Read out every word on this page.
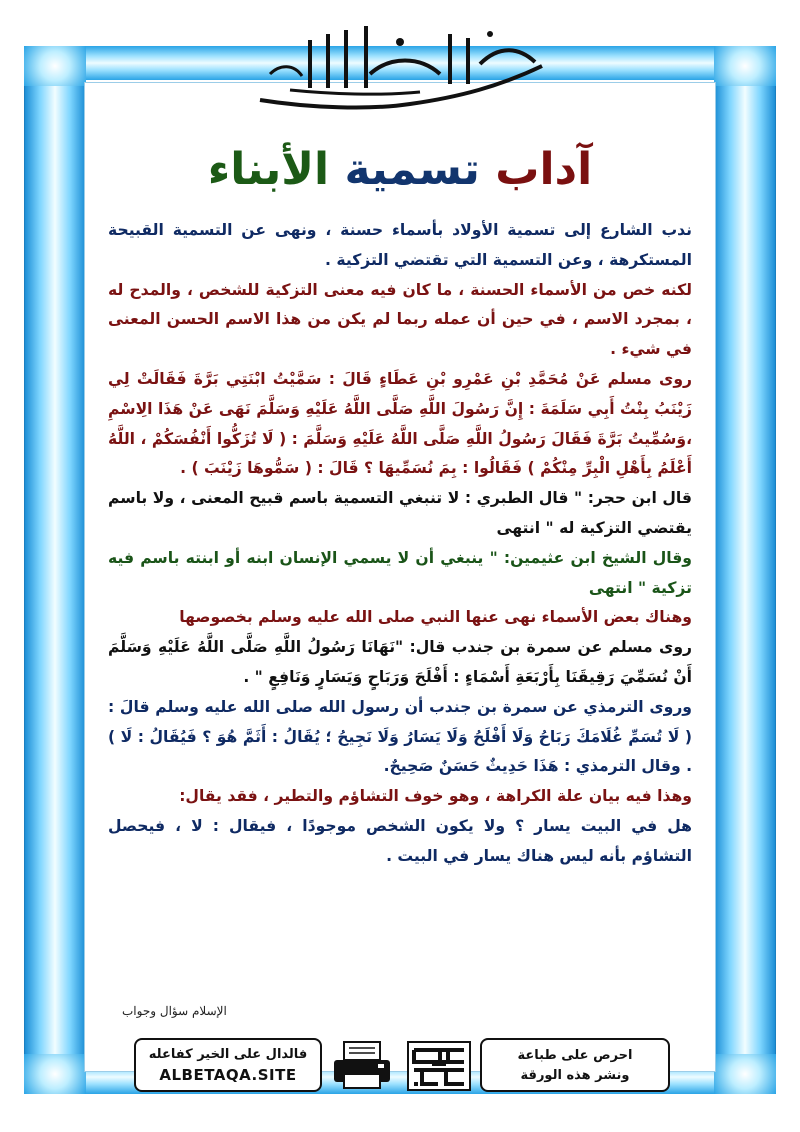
آداب تسمية الأبناء

ندب الشارع إلى تسمية الأولاد بأسماء حسنة ، ونهى عن التسمية القبيحة المستكرهة ، وعن التسمية التي تقتضي التزكية .

لكنه خص من الأسماء الحسنة ، ما كان فيه معنى التزكية للشخص ، والمدح له ، بمجرد الاسم ، في حين أن عمله ربما لم يكن من هذا الاسم الحسن المعنى في شيء .

روى مسلم عَنْ مُحَمَّدِ بْنِ عَمْرِو بْنِ عَطَاءٍ قَالَ : سَمَّيْتُ ابْنَتِي بَرَّةَ فَقَالَتْ لِي زَيْنَبُ بِنْتُ أَبِي سَلَمَةَ : إِنَّ رَسُولَ اللَّهِ صَلَّى اللَّهُ عَلَيْهِ وَسَلَّمَ نَهَى عَنْ هَذَا الِاسْمِ ،وَسُمِّيتُ بَرَّةَ فَقَالَ رَسُولُ اللَّهِ صَلَّى اللَّهُ عَلَيْهِ وَسَلَّمَ : ( لَا تُزَكُّوا أَنْفُسَكُمْ ، اللَّهُ أَعْلَمُ بِأَهْلِ الْبِرِّ مِنْكُمْ ) فَقَالُوا : بِمَ نُسَمِّيهَا ؟ قَالَ : ( سَمُّوهَا زَيْنَبَ ) .

قال ابن حجر: " قال الطبري : لا تنبغي التسمية باسم قبيح المعنى ، ولا باسم يقتضي التزكية له " انتهى

وقال الشيخ ابن عثيمين: " ينبغي أن لا يسمي الإنسان ابنه أو ابنته باسم فيه تزكية " انتهى

وهناك بعض الأسماء نهى عنها النبي صلى الله عليه وسلم بخصوصها

روى مسلم عن سمرة بن جندب قال: "نَهَانَا رَسُولُ اللَّهِ صَلَّى اللَّهُ عَلَيْهِ وَسَلَّمَ أَنْ نُسَمِّيَ رَقِيقَنَا بِأَرْبَعَةِ أَسْمَاءٍ : أَفْلَحَ وَرَبَاحٍ وَيَسَارٍ وَنَافِعٍ " .

وروى الترمذي عن سمرة بن جندب أن رسول الله صلى الله عليه وسلم قالَ : ( لَا تُسَمِّ غُلَامَكَ رَبَاحُ وَلَا أَفْلَحُ وَلَا يَسَارُ وَلَا نَجِيحُ ؛ يُقَالُ : أَثَمَّ هُوَ ؟ فَيُقَالُ : لَا ) . وقال الترمذي : هَذَا حَدِيثٌ حَسَنٌ صَحِيحٌ.

وهذا فيه بيان علة الكراهة ، وهو خوف التشاؤم والتطير ، فقد يقال:

هل في البيت يسار ؟ ولا يكون الشخص موجودًا ، فيقال : لا ، فيحصل التشاؤم بأنه ليس هناك يسار في البيت .

الإسلام سؤال وجواب
فالدال على الخير كفاعله
ALBETAQA.SITE
احرص على طباعة
ونشر هذه الورقة
